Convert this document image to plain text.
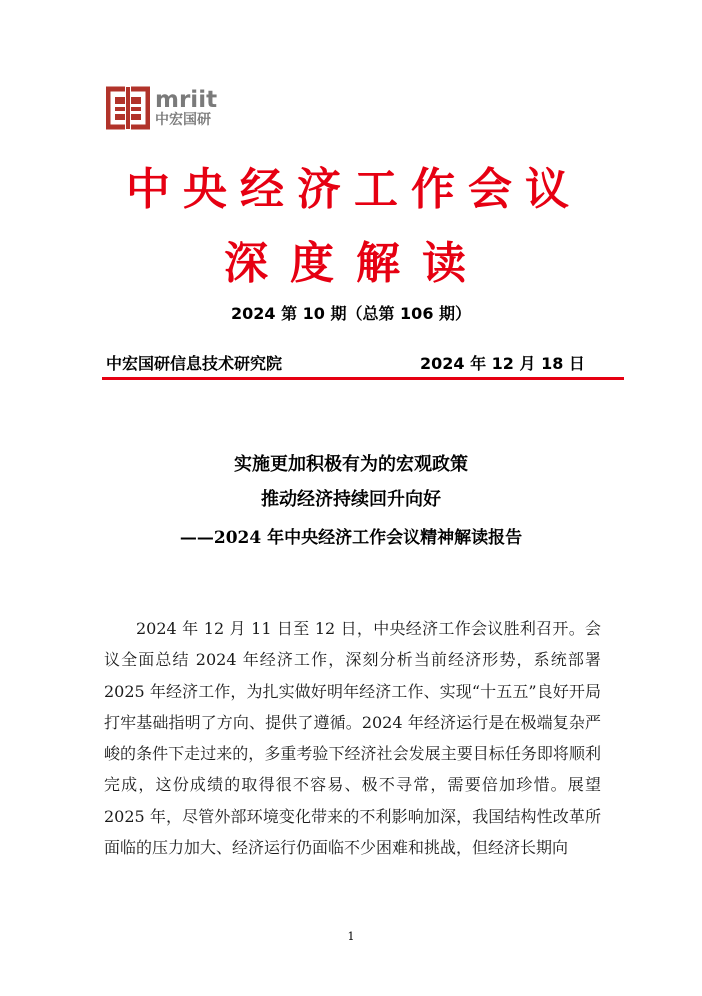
mriit
中宏国研
中央经济工作会议
深度解读
2024 第 10 期（总第 106 期）
中宏国研信息技术研究院	2024 年 12 月 18 日
实施更加积极有为的宏观政策
推动经济持续回升向好
——2024 年中央经济工作会议精神解读报告

2024 年 12 月 11 日至 12 日，中央经济工作会议胜利召开。会议全面总结 2024 年经济工作，深刻分析当前经济形势，系统部署 2025 年经济工作，为扎实做好明年经济工作、实现“十五五”良好开局打牢基础指明了方向、提供了遵循。2024 年经济运行是在极端复杂严峻的条件下走过来的，多重考验下经济社会发展主要目标任务即将顺利完成，这份成绩的取得很不容易、极不寻常，需要倍加珍惜。展望 2025 年，尽管外部环境变化带来的不利影响加深，我国结构性改革所面临的压力加大、经济运行仍面临不少困难和挑战，但经济长期向

1
